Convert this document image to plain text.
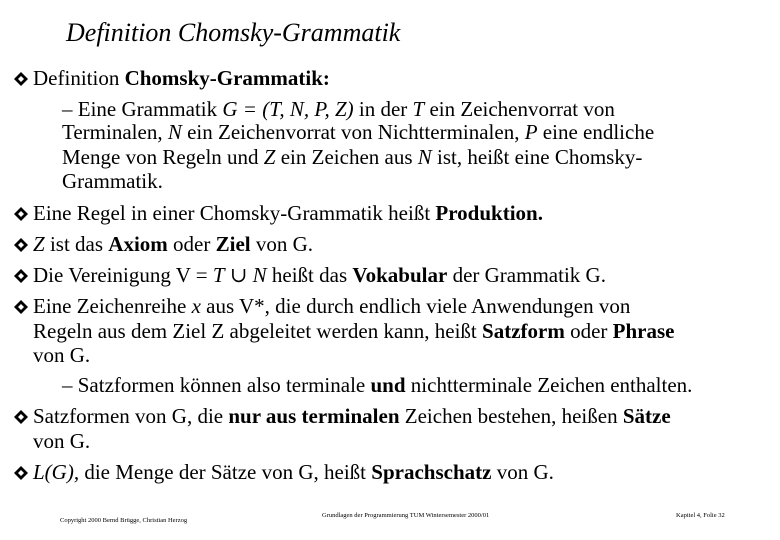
Definition Chomsky-Grammatik
Definition Chomsky-Grammatik:
– Eine Grammatik G = (T, N, P, Z) in der T ein Zeichenvorrat von
Terminalen, N ein Zeichenvorrat von Nichtterminalen, P eine endliche
Menge von Regeln und Z ein Zeichen aus N ist, heißt eine Chomsky-
Grammatik.
Eine Regel in einer Chomsky-Grammatik heißt Produktion.
Z ist das Axiom oder Ziel von G.
Die Vereinigung V = T ∪ N heißt das Vokabular der Grammatik G.
Eine Zeichenreihe x aus V*, die durch endlich viele Anwendungen von
Regeln aus dem Ziel Z abgeleitet werden kann, heißt Satzform oder Phrase
von G.
– Satzformen können also terminale und nichtterminale Zeichen enthalten.
Satzformen von G, die nur aus terminalen Zeichen bestehen, heißen Sätze
von G.
L(G), die Menge der Sätze von G, heißt Sprachschatz von G.
Copyright 2000 Bernd Brügge, Christian Herzog
Grundlagen der Programmierung TUM Wintersemester 2000/01	Kapitel 4, Folie 32
